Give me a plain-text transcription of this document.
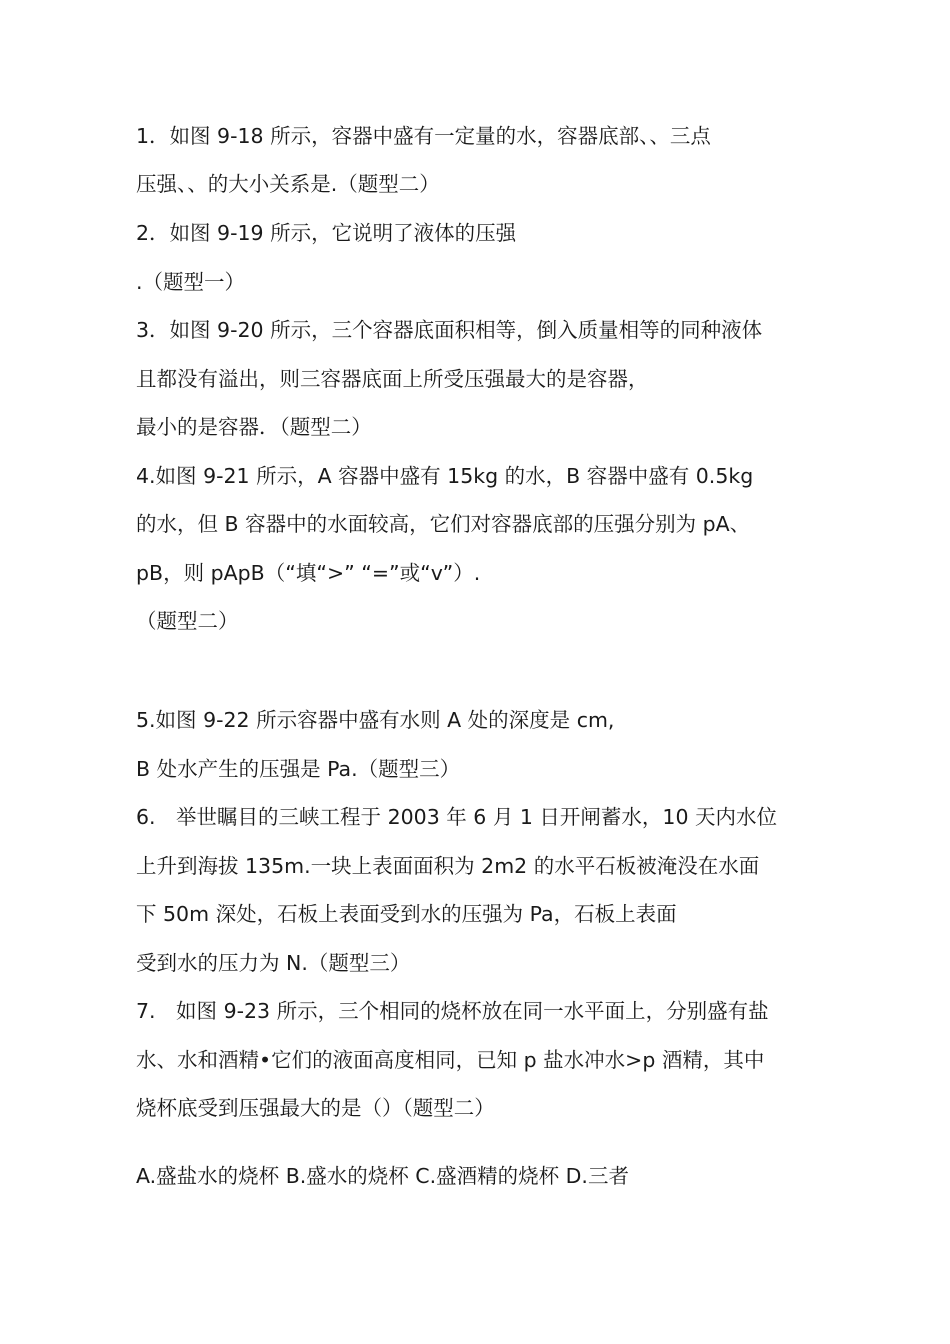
1．如图 9-18 所示，容器中盛有一定量的水，容器底部、、三点
压强、、的大小关系是.（题型二）
2．如图 9-19 所示，它说明了液体的压强
.（题型一）
3．如图 9-20 所示，三个容器底面积相等，倒入质量相等的同种液体
且都没有溢出，则三容器底面上所受压强最大的是容器，
最小的是容器．（题型二）
4.如图 9-21 所示，A 容器中盛有 15kg 的水，B 容器中盛有 0.5kg
的水，但 B 容器中的水面较高，它们对容器底部的压强分别为 pA、
pB，则 pApB（“填“>” “=”或“v”）.
（题型二）
5.如图 9-22 所示容器中盛有水则 A 处的深度是 cm,
B 处水产生的压强是 Pa.（题型三）
6.　举世瞩目的三峡工程于 2003 年 6 月 1 日开闸蓄水，10 天内水位
上升到海拔 135m.一块上表面面积为 2m2 的水平石板被淹没在水面
下 50m 深处，石板上表面受到水的压强为 Pa，石板上表面
受到水的压力为 N.（题型三）
7.　如图 9-23 所示，三个相同的烧杯放在同一水平面上，分别盛有盐
水、水和酒精•它们的液面高度相同，已知 p 盐水冲水>p 酒精，其中
烧杯底受到压强最大的是（）（题型二）
A.盛盐水的烧杯 B.盛水的烧杯 C.盛酒精的烧杯 D.三者
